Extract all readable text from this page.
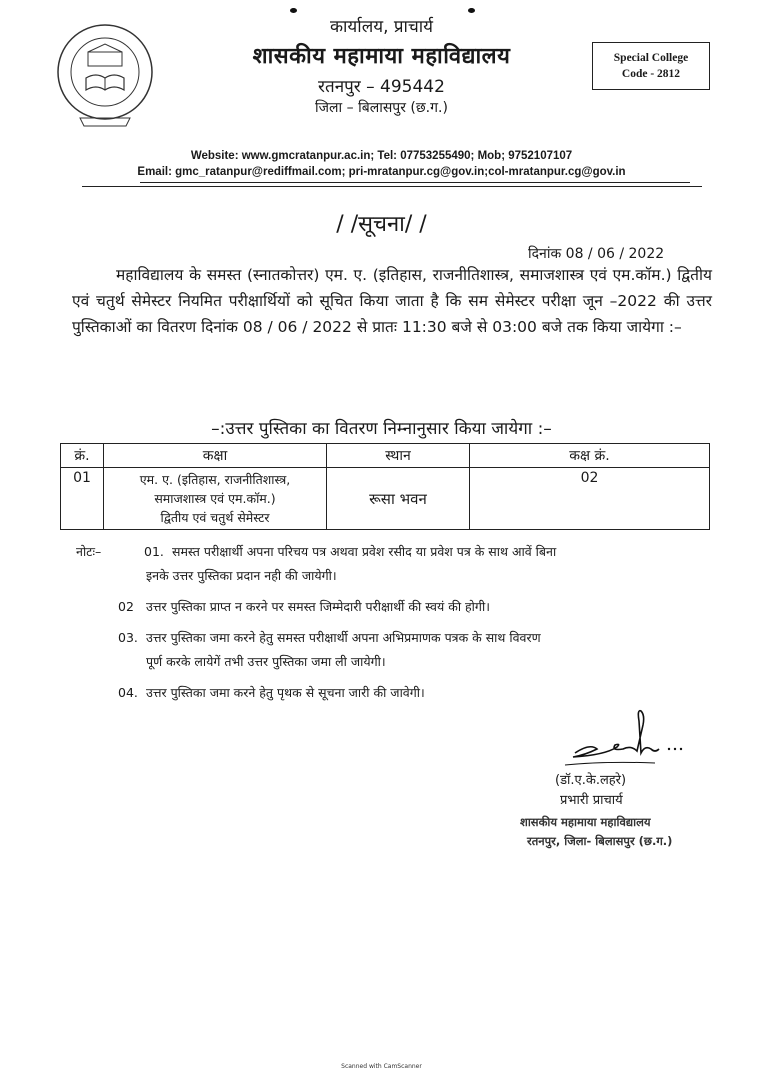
कार्यालय, प्राचार्य
शासकीय महामाया महाविद्यालय
रतनपुर – 495442
जिला – बिलासपुर (छ.ग.)
Special College
Code - 2812
Website: www.gmcratanpur.ac.in; Tel: 07753255490; Mob; 9752107107
Email: gmc_ratanpur@rediffmail.com; pri-mratanpur.cg@gov.in;col-mratanpur.cg@gov.in
/ /सूचना/ /
दिनांक 08 / 06 / 2022
महाविद्यालय के समस्त (स्नातकोत्तर) एम. ए. (इतिहास, राजनीतिशास्त्र, समाजशास्त्र एवं एम.कॉम.) द्वितीय एवं चतुर्थ सेमेस्टर नियमित परीक्षार्थियों को सूचित किया जाता है कि सम सेमेस्टर परीक्षा जून –2022 की उत्तर पुस्तिकाओं का वितरण दिनांक 08 / 06 / 2022 से प्रातः 11:30 बजे से 03:00 बजे तक किया जायेगा :–
–:उत्तर पुस्तिका का वितरण निम्नानुसार किया जायेगा :–
क्रं.	कक्षा	स्थान	कक्ष क्रं.
01	एम. ए. (इतिहास, राजनीतिशास्त्र,
समाजशास्त्र एवं एम.कॉम.)
द्वितीय एवं चतुर्थ सेमेस्टर	रूसा भवन	02
नोटः–	01. समस्त परीक्षार्थी अपना परिचय पत्र अथवा प्रवेश रसीद या प्रवेश पत्र के साथ आवें बिना
इनके उत्तर पुस्तिका प्रदान नही की जायेगी।
02 उत्तर पुस्तिका प्राप्त न करने पर समस्त जिम्मेदारी परीक्षार्थी की स्वयं की होगी।
03. उत्तर पुस्तिका जमा करने हेतु समस्त परीक्षार्थी अपना अभिप्रमाणक पत्रक के साथ विवरण
पूर्ण करके लायेगें तभी उत्तर पुस्तिका जमा ली जायेगी।
04. उत्तर पुस्तिका जमा करने हेतु पृथक से सूचना जारी की जावेगी।
(डॉ.ए.के.लहरे)
प्रभारी प्राचार्य
शासकीय महामाया महाविद्यालय
रतनपुर, जिला- बिलासपुर (छ.ग.)
Scanned with CamScanner
